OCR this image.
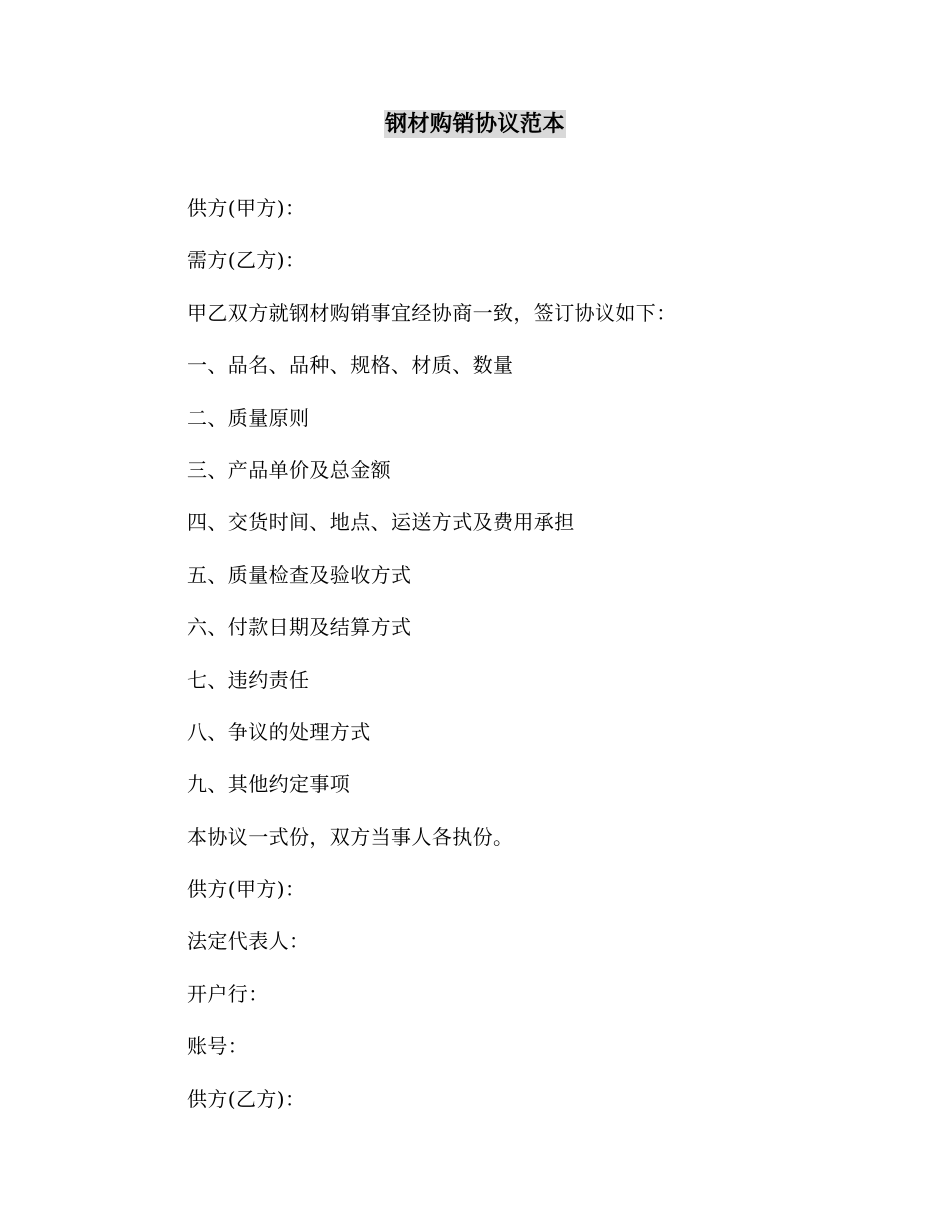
钢材购销协议范本
供方(甲方)：
需方(乙方)：
甲乙双方就钢材购销事宜经协商一致，签订协议如下：
一、品名、品种、规格、材质、数量
二、质量原则
三、产品单价及总金额
四、交货时间、地点、运送方式及费用承担
五、质量检查及验收方式
六、付款日期及结算方式
七、违约责任
八、争议的处理方式
九、其他约定事项
本协议一式份，双方当事人各执份。
供方(甲方)：
法定代表人：
开户行：
账号：
供方(乙方)：
